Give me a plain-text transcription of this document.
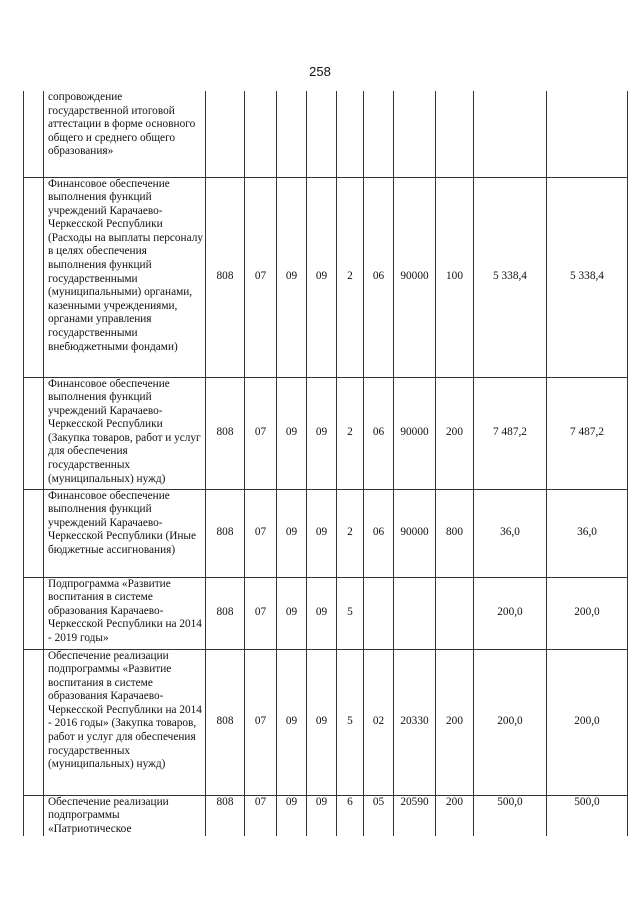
258
	сопровождение государственной итоговой аттестации в форме основного общего и среднего общего образования»										
	Финансовое обеспечение выполнения функций учреждений Карачаево-Черкесской Республики (Расходы на выплаты персоналу в целях обеспечения выполнения функций государственными (муниципальными) органами, казенными учреждениями, органами управления государственными внебюджетными фондами)	808	07	09	09	2	06	90000	100	5 338,4	5 338,4
	Финансовое обеспечение выполнения функций учреждений Карачаево-Черкесской Республики (Закупка товаров, работ и услуг для обеспечения государственных (муниципальных) нужд)	808	07	09	09	2	06	90000	200	7 487,2	7 487,2
	Финансовое обеспечение выполнения функций учреждений Карачаево-Черкесской Республики (Иные бюджетные ассигнования)	808	07	09	09	2	06	90000	800	36,0	36,0
	Подпрограмма «Развитие воспитания в системе образования Карачаево-Черкесской Республики на 2014 - 2019 годы»	808	07	09	09	5				200,0	200,0
	Обеспечение реализации подпрограммы «Развитие воспитания в системе образования Карачаево-Черкесской Республики на 2014 - 2016 годы» (Закупка товаров, работ и услуг для обеспечения государственных (муниципальных) нужд)	808	07	09	09	5	02	20330	200	200,0	200,0
	Обеспечение реализации подпрограммы «Патриотическое	808	07	09	09	6	05	20590	200	500,0	500,0
